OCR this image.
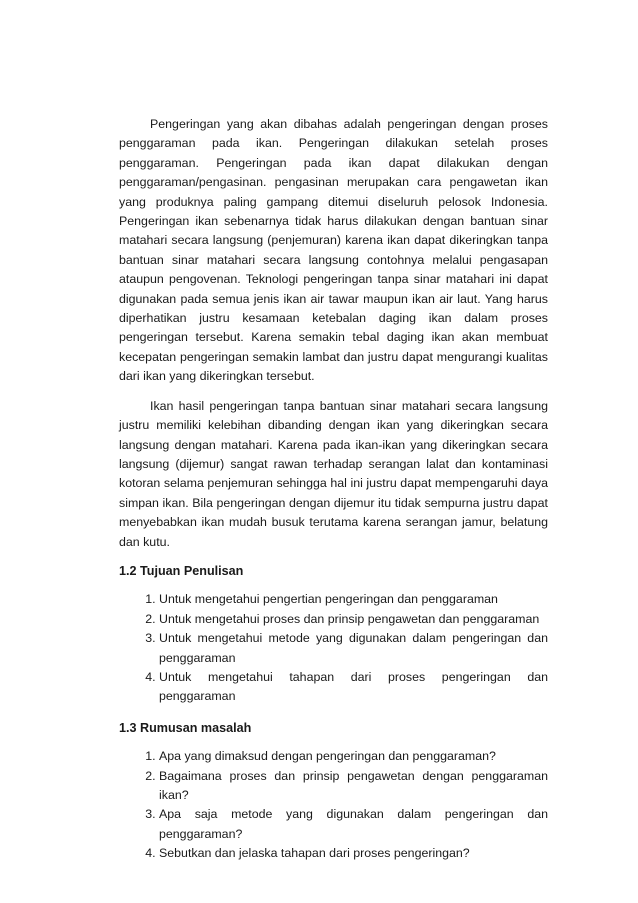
Pengeringan yang akan dibahas adalah pengeringan dengan proses penggaraman pada ikan. Pengeringan dilakukan setelah proses penggaraman. Pengeringan pada ikan dapat dilakukan dengan penggaraman/pengasinan. pengasinan merupakan cara pengawetan ikan yang produknya paling gampang ditemui diseluruh pelosok Indonesia. Pengeringan ikan sebenarnya tidak harus dilakukan dengan bantuan sinar matahari secara langsung (penjemuran) karena ikan dapat dikeringkan tanpa bantuan sinar matahari secara langsung contohnya melalui pengasapan ataupun pengovenan. Teknologi pengeringan tanpa sinar matahari ini dapat digunakan pada semua jenis ikan air tawar maupun ikan air laut. Yang harus diperhatikan justru kesamaan ketebalan daging ikan dalam proses pengeringan tersebut. Karena semakin tebal daging ikan akan membuat kecepatan pengeringan semakin lambat dan justru dapat mengurangi kualitas dari ikan yang dikeringkan tersebut.

Ikan hasil pengeringan tanpa bantuan sinar matahari secara langsung justru memiliki kelebihan dibanding dengan ikan yang dikeringkan secara langsung dengan matahari. Karena pada ikan-ikan yang dikeringkan secara langsung (dijemur) sangat rawan terhadap serangan lalat dan kontaminasi kotoran selama penjemuran sehingga hal ini justru dapat mempengaruhi daya simpan ikan. Bila pengeringan dengan dijemur itu tidak sempurna justru dapat menyebabkan ikan mudah busuk terutama karena serangan jamur, belatung dan kutu.

1.2 Tujuan Penulisan
1. Untuk mengetahui pengertian pengeringan dan penggaraman
2. Untuk mengetahui proses dan prinsip pengawetan dan penggaraman
3. Untuk mengetahui metode yang digunakan dalam pengeringan dan penggaraman
4. Untuk mengetahui tahapan dari proses pengeringan dan penggaraman
1.3 Rumusan masalah
1. Apa yang dimaksud dengan pengeringan dan penggaraman?
2. Bagaimana proses dan prinsip pengawetan dengan penggaraman ikan?
3. Apa saja metode yang digunakan dalam pengeringan dan penggaraman?
4. Sebutkan dan jelaska tahapan dari proses pengeringan?
